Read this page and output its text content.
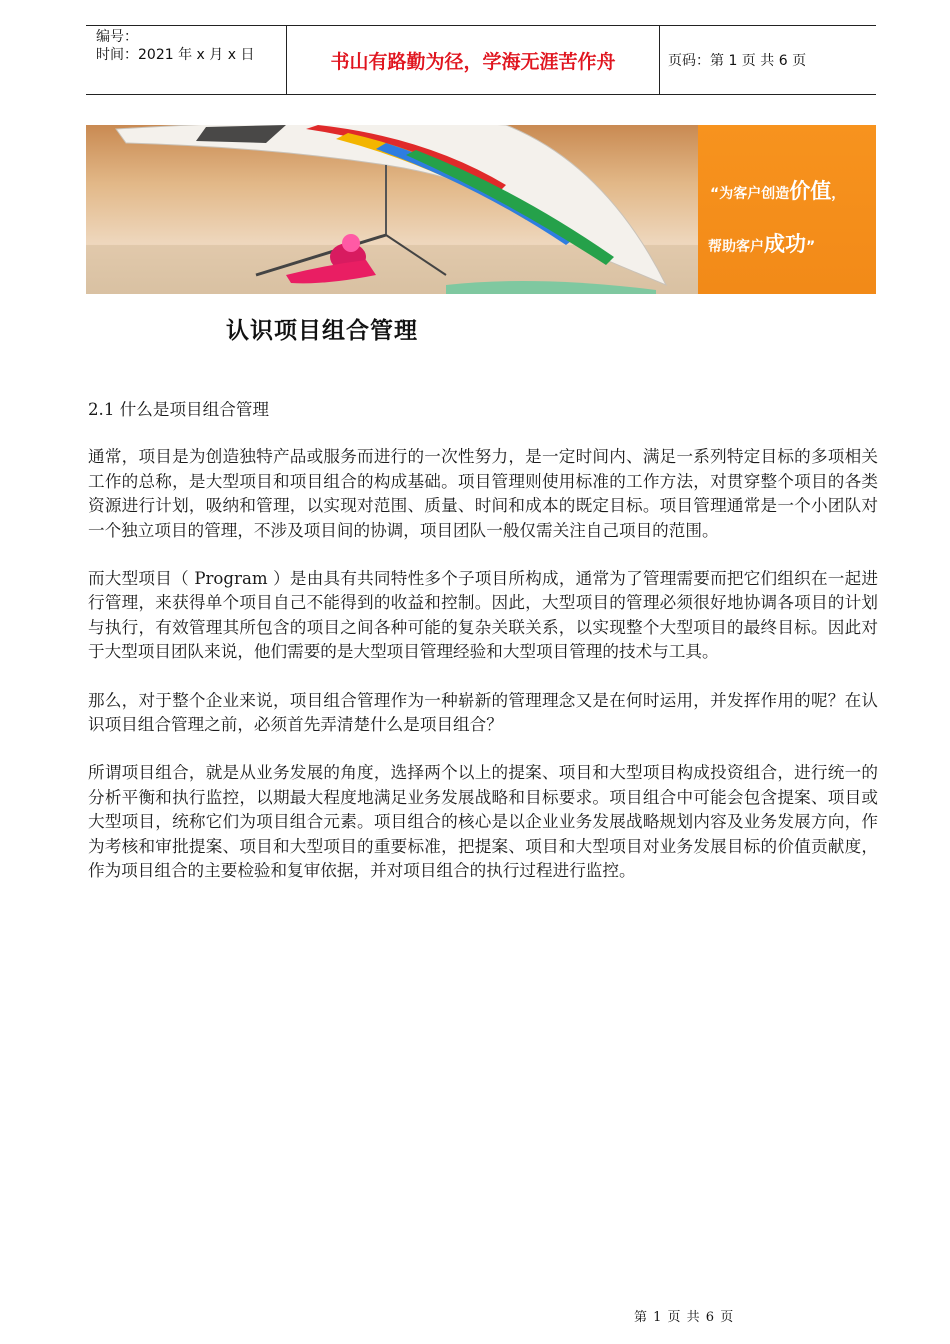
编号：
时间：2021 年 x 月 x 日	书山有路勤为径，学海无涯苦作舟	页码：第 1 页 共 6 页
“为客户创造价值，
帮助客户成功”
认识项目组合管理
2.1 什么是项目组合管理

通常，项目是为创造独特产品或服务而进行的一次性努力，是一定时间内、满足一系列特定目标的多项相关工作的总称，是大型项目和项目组合的构成基础。项目管理则使用标准的工作方法，对贯穿整个项目的各类资源进行计划，吸纳和管理，以实现对范围、质量、时间和成本的既定目标。项目管理通常是一个小团队对一个独立项目的管理，不涉及项目间的协调，项目团队一般仅需关注自己项目的范围。

而大型项目（ Program ）是由具有共同特性多个子项目所构成，通常为了管理需要而把它们组织在一起进行管理，来获得单个项目自己不能得到的收益和控制。因此，大型项目的管理必须很好地协调各项目的计划与执行，有效管理其所包含的项目之间各种可能的复杂关联关系，以实现整个大型项目的最终目标。因此对于大型项目团队来说，他们需要的是大型项目管理经验和大型项目管理的技术与工具。

那么，对于整个企业来说，项目组合管理作为一种崭新的管理理念又是在何时运用，并发挥作用的呢？在认识项目组合管理之前，必须首先弄清楚什么是项目组合？

所谓项目组合，就是从业务发展的角度，选择两个以上的提案、项目和大型项目构成投资组合，进行统一的分析平衡和执行监控，以期最大程度地满足业务发展战略和目标要求。项目组合中可能会包含提案、项目或大型项目，统称它们为项目组合元素。项目组合的核心是以企业业务发展战略规划内容及业务发展方向，作为考核和审批提案、项目和大型项目的重要标准，把提案、项目和大型项目对业务发展目标的价值贡献度，作为项目组合的主要检验和复审依据，并对项目组合的执行过程进行监控。

第 1 页 共 6 页
